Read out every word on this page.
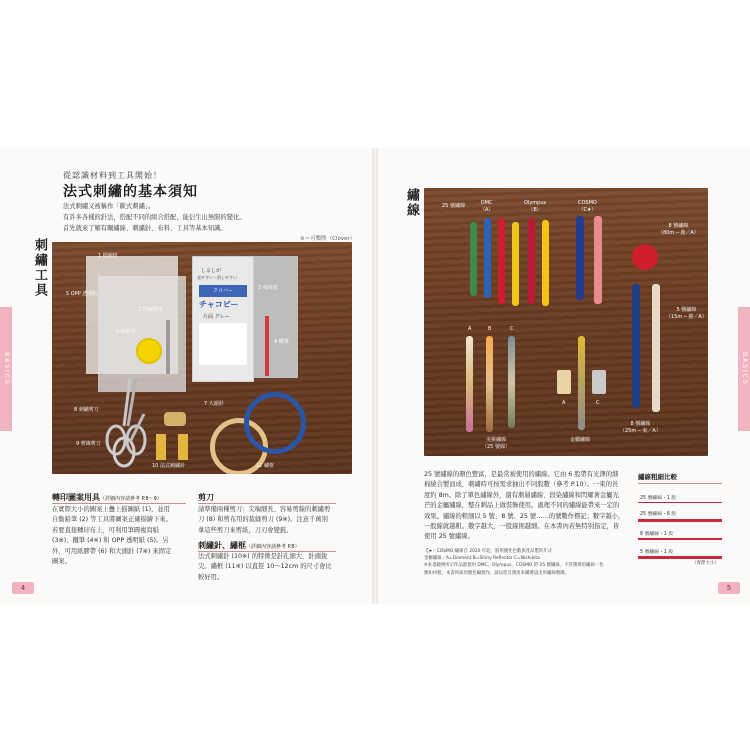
BASICS	BASICS
從認識材料到工具開始！
法式刺繡的基本須知
法式刺繡又被稱作「歐式刺繡」。
有許多各樣的針法，搭配不同的組合搭配，能衍生出無限的變化。
首先就來了解有關繡線、刺繡針、布料、工具等基本知識。
刺繡工具	※＝可樂牌（Clover）
しるしが
見やすい・消しやすい
クロバー
チャコピー
片面 グレー
1 描圖紙
5 OPP 透明紙
2 印襯描筆
6 紙膠帶
3 複寫紙
4 鐵筆
8 刺繡剪刀
9 剪線剪刀
7 大頭針
10 法式刺繡針	11 繡框
轉印圖案用具（詳細內容請參考 P.8〜9）
在實際大小的圖案上疊上描圖紙 (1)，並用
自動鉛筆 (2) 等工具將圖案正確描繪下來。
若要直接轉印布上，可利用筆圓複寫紙
(3※)、鐵筆 (4※) 和 OPP 透明紙 (5)。另
外，可用紙膠帶 (6) 和大頭針 (7※) 來固定
圖案。
剪刀
請準備兩種剪刀：尖端細長、容易剪線的刺繡剪
刀 (8) 和剪布用的裁縫剪刀 (9※)。注意千萬別
拿這些剪刀來剪紙，刀刃會變鈍。
刺繡針、繡框（詳細內容請參考 P.8）
法式刺繡針 (10※) 的特徵是針孔細大、針頭銳
尖。繡框 (11※) 以直徑 10〜12cm 的尺寸會比
較好用。
4
繡線	25 號繡線	DMC
（A）
Olympus
（B）
COSMO
（C★）
8 號繡線
（80m ─ 鹿／A）
5 號繡線
（15m ─ 捲／A）
8 號繡線
（25m ─ 束／A）
美術繡線
（25 號線）
金屬繡線
A	B	C
A	C
25 號繡線的顏色豐富，是最常被使用的繡線。它由 6 股帶有光澤的細
棉繞合製而成，刺繡時可按需求抽出不同股數（參考 P.10）。一束的長
度約 8m。除了單色繡線外，還有漸層繡線、段染繡線和閃耀著金屬光
芒的金屬繡線，整在刺品上做裝飾使用。處理不同的繡線能帶來一定的
效果。繡線的粗細以 5 號、8 號、25 號……的號數作標記；數字越小，
一股線就越粗。數字越大，一股線則越細。在本書內若無特別指定，皆
使用 25 號繡線。
【★＝COSMO 繡線自 2020 年起，將用優化色數與產品製的年式
金屬繡線／A=Diament B=Shiny Reflector C=Nishikita
※本書範例所示作品都使用 DMC、Olympus、COSMO 的 25 號繡線，不管選擇的繡線一色
號如何粗，本書所採用顏色編號作，請以您自選用來購選試出所繡線號碼。
繡線粗細比較
25 號繡線・1 股
25 號繡線・6 股
8 號繡線・1 股
5 號繡線・1 股
（實際大小）
5
